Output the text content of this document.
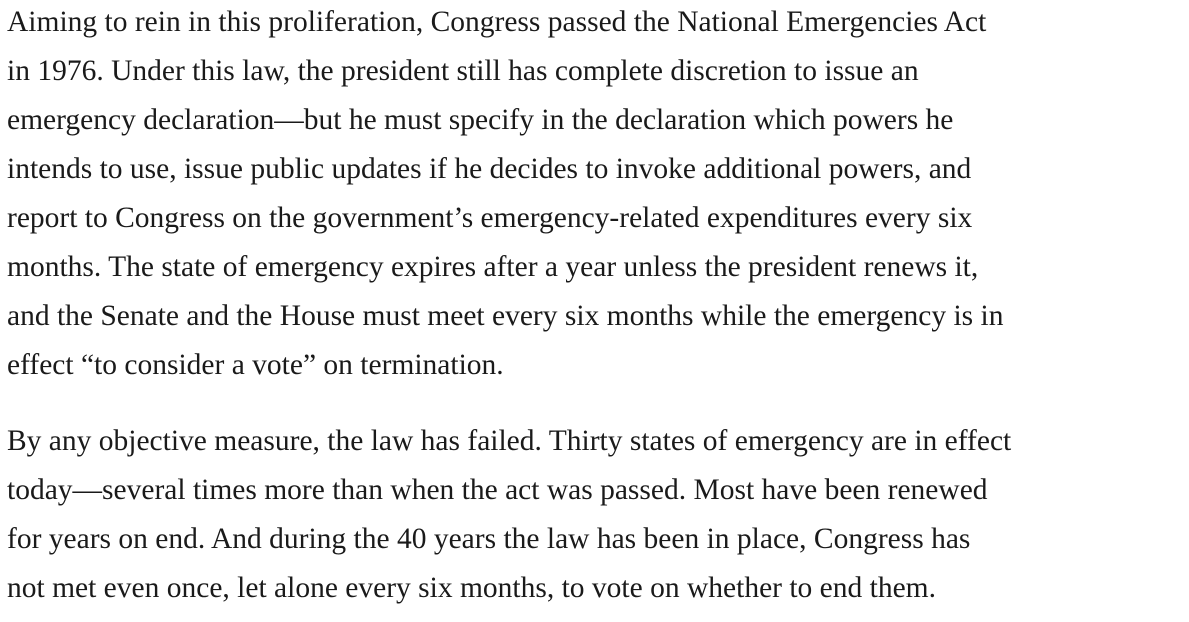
Aiming to rein in this proliferation, Congress passed the National Emergencies Act
in 1976. Under this law, the president still has complete discretion to issue an
emergency declaration—but he must specify in the declaration which powers he
intends to use, issue public updates if he decides to invoke additional powers, and
report to Congress on the government’s emergency-related expenditures every six
months. The state of emergency expires after a year unless the president renews it,
and the Senate and the House must meet every six months while the emergency is in
effect “to consider a vote” on termination.
By any objective measure, the law has failed. Thirty states of emergency are in effect
today—several times more than when the act was passed. Most have been renewed
for years on end. And during the 40 years the law has been in place, Congress has
not met even once, let alone every six months, to vote on whether to end them.
